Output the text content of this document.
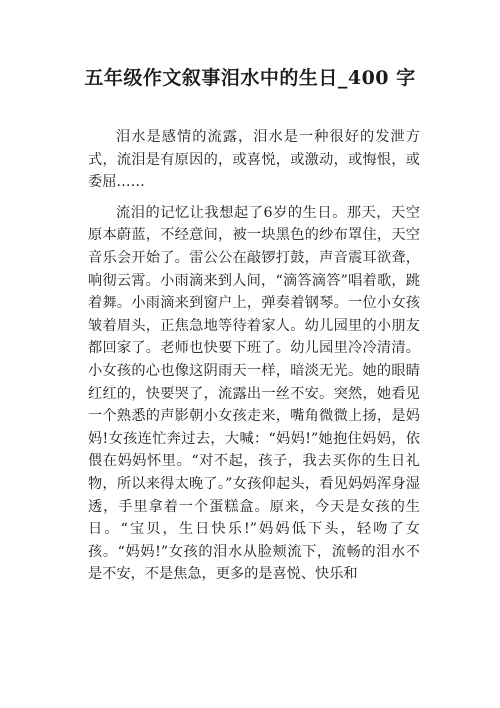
五年级作文叙事泪水中的生日_400 字

泪水是感情的流露，泪水是一种很好的发泄方式，流泪是有原因的，或喜悦，或激动，或悔恨，或委屈……

流泪的记忆让我想起了6岁的生日。那天，天空原本蔚蓝，不经意间，被一块黑色的纱布罩住，天空音乐会开始了。雷公公在敲锣打鼓，声音震耳欲聋，响彻云霄。小雨滴来到人间，“滴答滴答”唱着歌，跳着舞。小雨滴来到窗户上，弹奏着钢琴。一位小女孩皱着眉头，正焦急地等待着家人。幼儿园里的小朋友都回家了。老师也快要下班了。幼儿园里冷冷清清。小女孩的心也像这阴雨天一样，暗淡无光。她的眼睛红红的，快要哭了，流露出一丝不安。突然，她看见一个熟悉的声影朝小女孩走来，嘴角微微上扬，是妈妈!女孩连忙奔过去，大喊：“妈妈!”她抱住妈妈，依偎在妈妈怀里。“对不起，孩子，我去买你的生日礼物，所以来得太晚了。”女孩仰起头，看见妈妈浑身湿透，手里拿着一个蛋糕盒。原来，今天是女孩的生日。“宝贝，生日快乐!”妈妈低下头，轻吻了女孩。“妈妈!”女孩的泪水从脸颊流下，流畅的泪水不是不安，不是焦急，更多的是喜悦、快乐和
